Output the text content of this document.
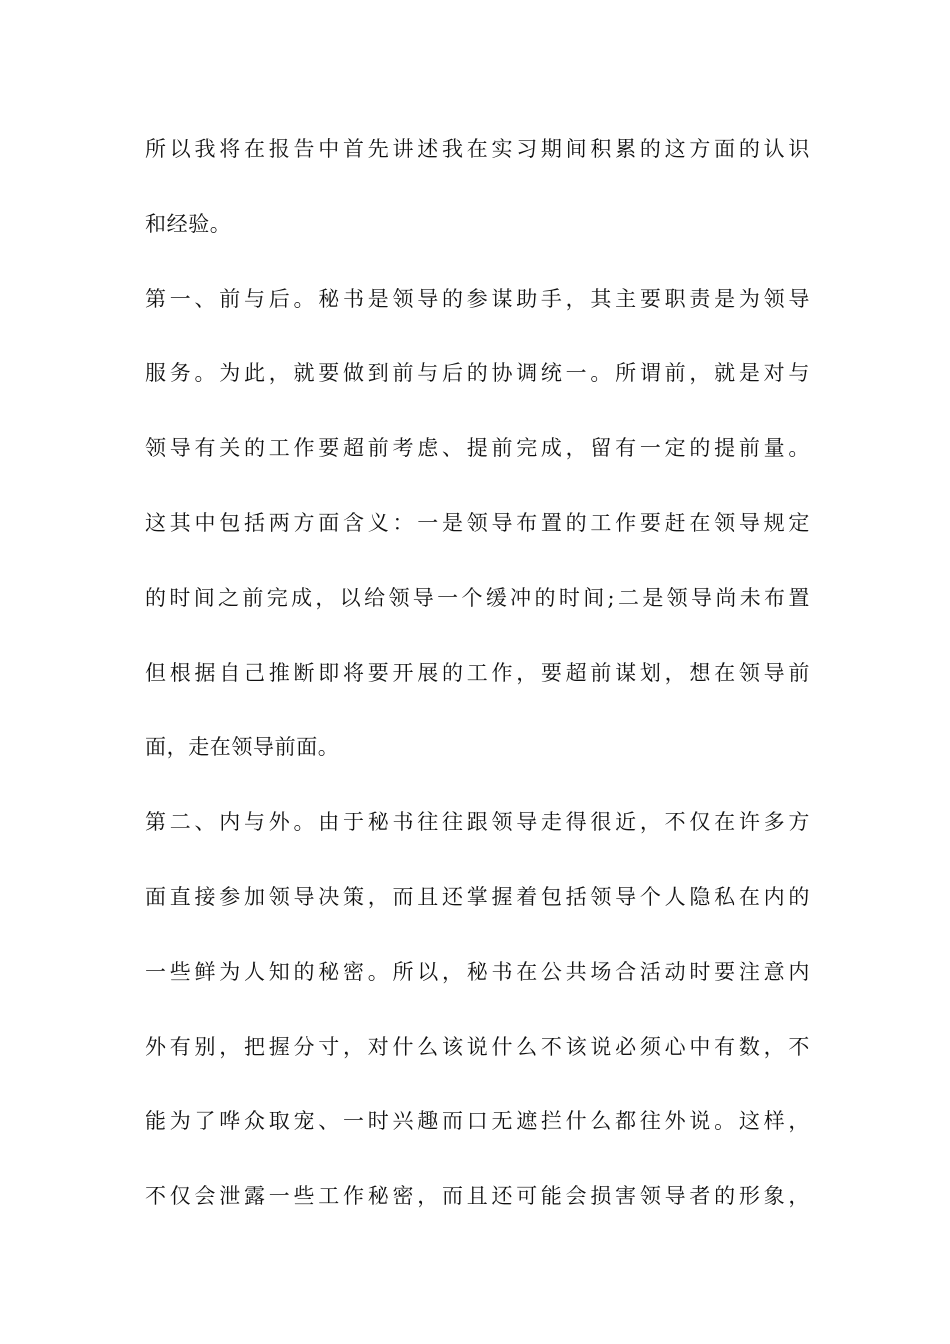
所以我将在报告中首先讲述我在实习期间积累的这方面的认识
和经验。
第一、前与后。秘书是领导的参谋助手，其主要职责是为领导
服务。为此，就要做到前与后的协调统一。所谓前，就是对与
领导有关的工作要超前考虑、提前完成，留有一定的提前量。
这其中包括两方面含义：一是领导布置的工作要赶在领导规定
的时间之前完成，以给领导一个缓冲的时间;二是领导尚未布置
但根据自己推断即将要开展的工作，要超前谋划，想在领导前
面，走在领导前面。
第二、内与外。由于秘书往往跟领导走得很近，不仅在许多方
面直接参加领导决策，而且还掌握着包括领导个人隐私在内的
一些鲜为人知的秘密。所以，秘书在公共场合活动时要注意内
外有别，把握分寸，对什么该说什么不该说必须心中有数，不
能为了哗众取宠、一时兴趣而口无遮拦什么都往外说。这样，
不仅会泄露一些工作秘密，而且还可能会损害领导者的形象，
